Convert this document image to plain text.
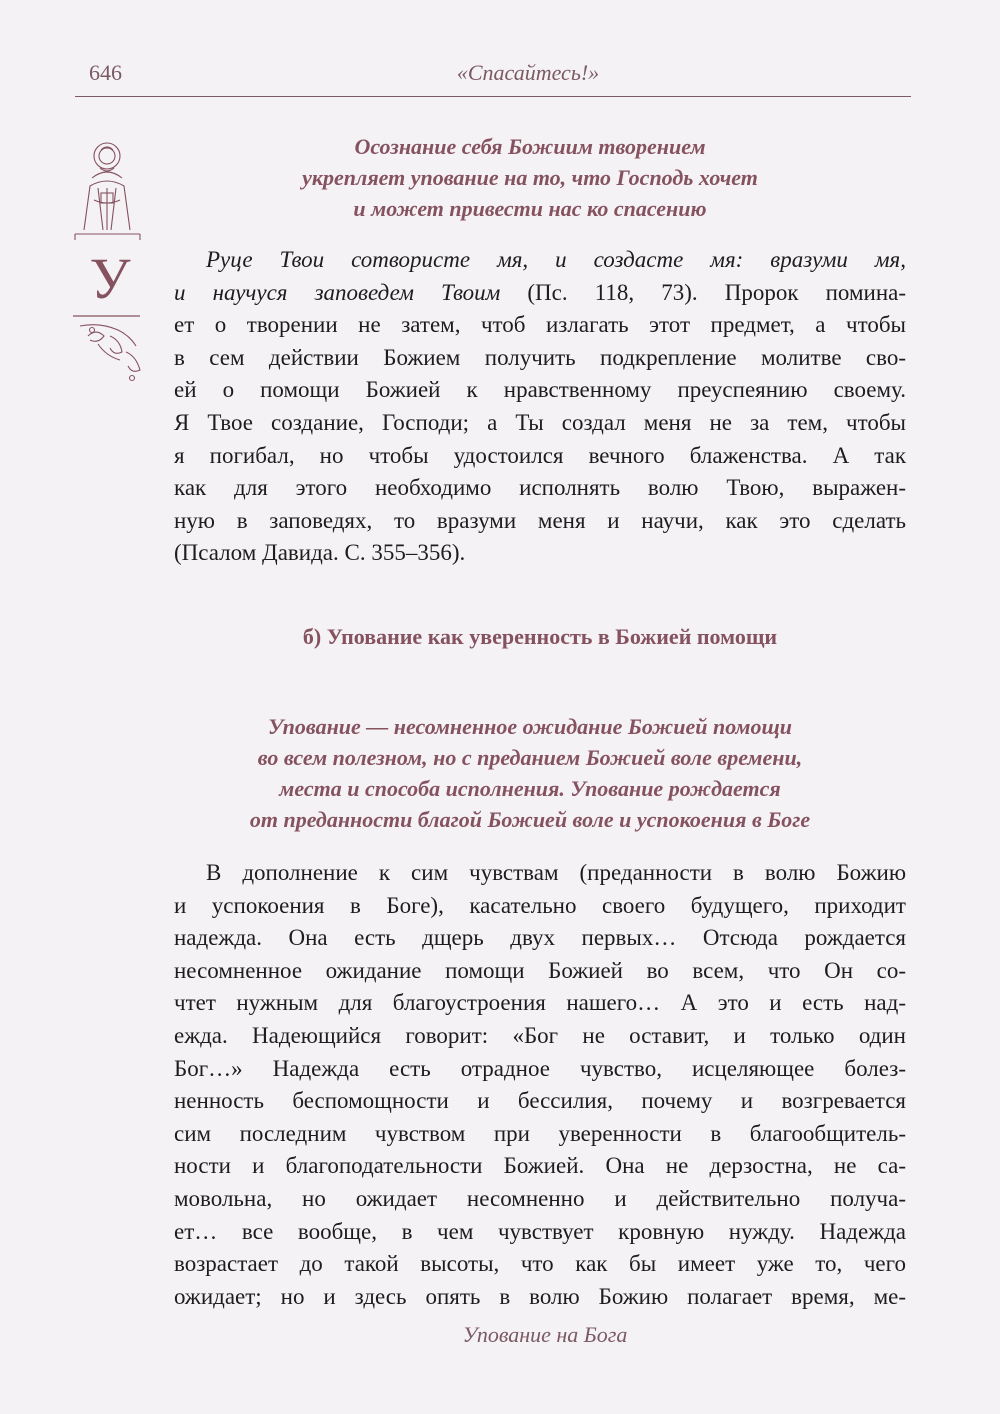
646	«Спасайтесь!»
У
Осознание себя Божиим творением
укрепляет упование на то, что Господь хочет
и может привести нас ко спасению
Руце Твои сотвористе мя, и создасте мя: вразуми мя,
и научуся заповедем Твоим (Пс. 118, 73). Пророк помина-
ет о творении не затем, чтоб излагать этот предмет, а чтобы
в сем действии Божием получить подкрепление молитве сво-
ей о помощи Божией к нравственному преуспеянию своему.
Я Твое создание, Господи; а Ты создал меня не за тем, чтобы
я погибал, но чтобы удостоился вечного блаженства. А так
как для этого необходимо исполнять волю Твою, выражен-
ную в заповедях, то вразуми меня и научи, как это сделать
(Псалом Давида. С. 355–356).
б) Упование как уверенность в Божией помощи
Упование — несомненное ожидание Божией помощи
во всем полезном, но с преданием Божией воле времени,
места и способа исполнения. Упование рождается
от преданности благой Божией воле и успокоения в Боге
В дополнение к сим чувствам (преданности в волю Божию
и успокоения в Боге), касательно своего будущего, приходит
надежда. Она есть дщерь двух первых… Отсюда рождается
несомненное ожидание помощи Божией во всем, что Он со-
чтет нужным для благоустроения нашего… А это и есть над-
ежда. Надеющийся говорит: «Бог не оставит, и только один
Бог…» Надежда есть отрадное чувство, исцеляющее болез-
ненность беспомощности и бессилия, почему и возгревается
сим последним чувством при уверенности в благообщитель-
ности и благоподательности Божией. Она не дерзостна, не са-
мовольна, но ожидает несомненно и действительно получа-
ет… все вообще, в чем чувствует кровную нужду. Надежда
возрастает до такой высоты, что как бы имеет уже то, чего
ожидает; но и здесь опять в волю Божию полагает время, ме-
Упование на Бога
